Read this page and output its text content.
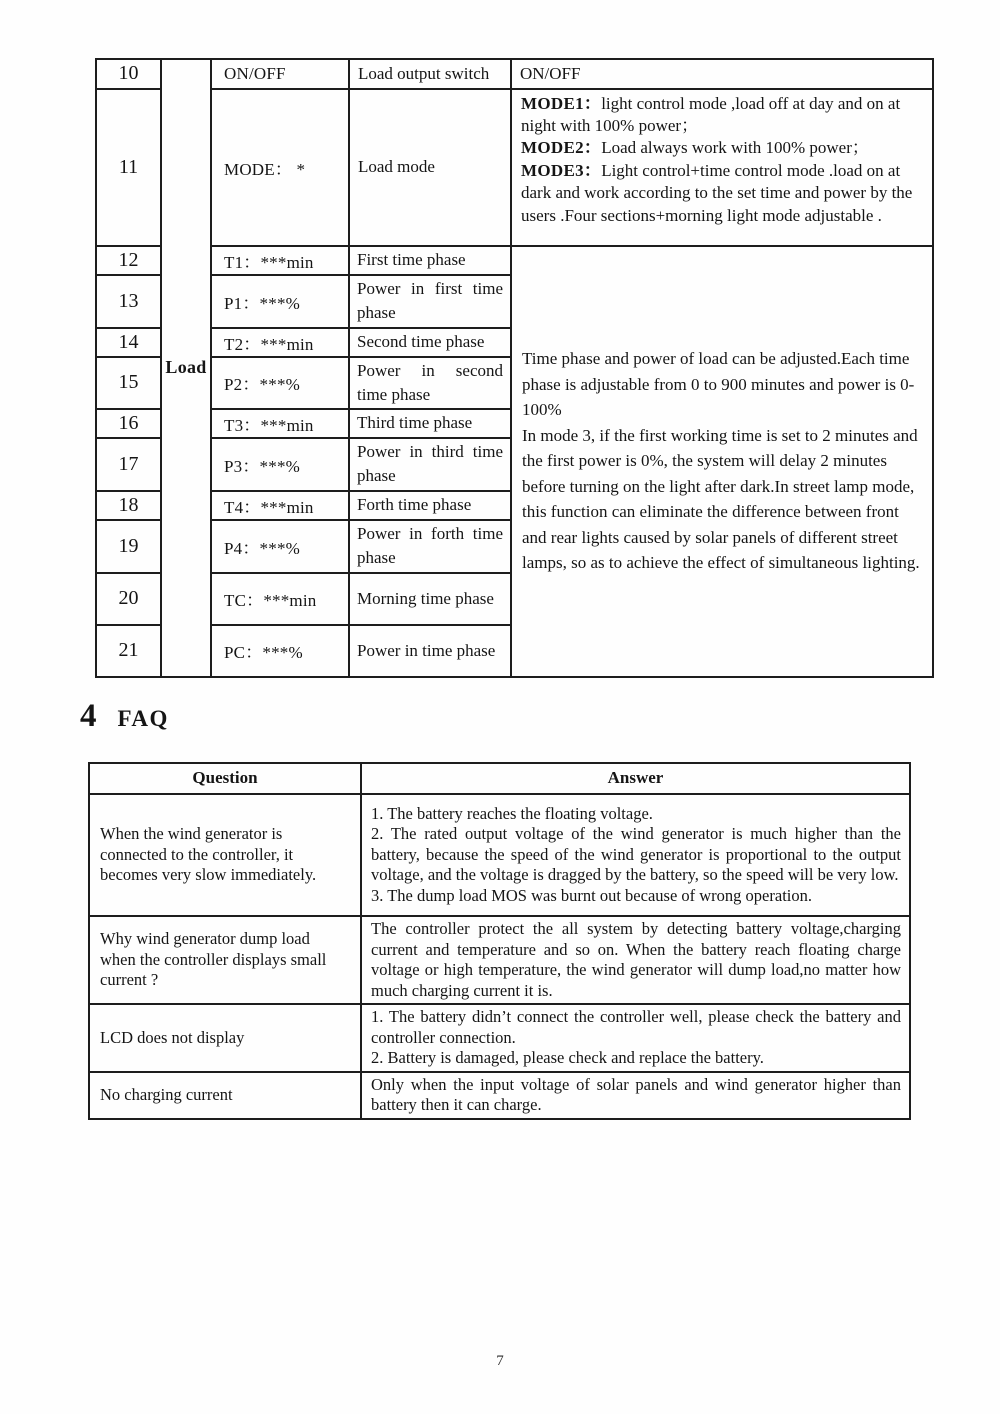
10	Load	ON/OFF	Load output switch	ON/OFF
11		MODE： *	Load mode	MODE1：light control mode ,load off at day and on at night with 100% power；
MODE2：Load always work with 100% power；
MODE3：Light control+time control mode .load on at dark and work according to the set time and power by the users .Four sections+morning light mode adjustable .

12		T1：***min	First time phase	Time phase and power of load can be adjusted.Each time phase is adjustable from 0 to 900 minutes and power is 0-100%
In mode 3, if the first working time is set to 2 minutes and the first power is 0%, the system will delay 2 minutes before turning on the light after dark.In street lamp mode, this function can eliminate the difference between front and rear lights caused by solar panels of different street lamps, so as to achieve the effect of simultaneous lighting.

13		P1：***%	Power in first time phase	
14		T2：***min	Second time phase	
15		P2：***%	Power in second time phase	
16		T3：***min	Third time phase	
17		P3：***%	Power in third time phase	
18		T4：***min	Forth time phase	
19		P4：***%	Power in forth time phase	
20		TC：***min	Morning time phase	
21		PC：***%	Power in time phase	
4 FAQ
Question	Answer
When the wind generator is connected to the controller, it becomes very slow immediately.	1. The battery reaches the floating voltage.
2. The rated output voltage of the wind generator is much higher than the battery, because the speed of the wind generator is proportional to the output voltage, and the voltage is dragged by the battery, so the speed will be very low.
3. The dump load MOS was burnt out because of wrong operation.

Why wind generator dump load when the controller displays small current ?	The controller protect the all system by detecting battery voltage,charging current and temperature and so on. When the battery reach floating charge voltage or high temperature, the wind generator will dump load,no matter how much charging current it is.

LCD does not display	1. The battery didn’t connect the controller well, please check the battery and controller connection.
2. Battery is damaged, please check and replace the battery.

No charging current	Only when the input voltage of solar panels and wind generator higher than battery then it can charge.
7
